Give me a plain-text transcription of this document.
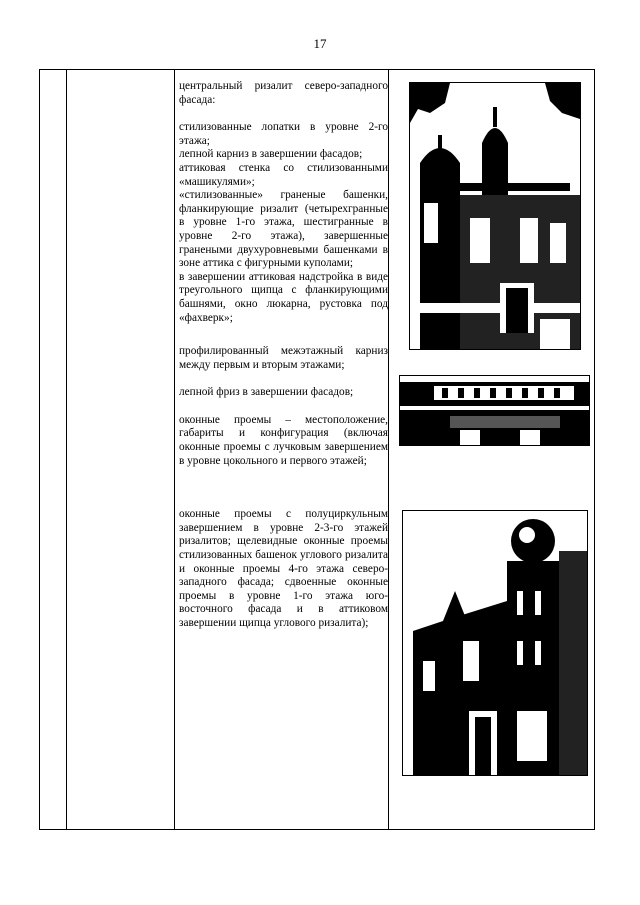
17

центральный ризалит северо-западного фасада:

стилизованные лопатки в уровне 2-го этажа;

лепной карниз в завершении фасадов;

аттиковая стенка со стилизованными «машикулями»;

«стилизованные» граненые башенки, фланкирующие ризалит (четырехгранные в уровне 1-го этажа, шестигранные в уровне 2-го этажа), завершенные гранеными двухуровневыми башенками в зоне аттика с фигурными куполами;

в завершении аттиковая надстройка в виде треугольного щипца с фланкирующими башнями, окно люкарна, рустовка под «фахверк»;

профилированный межэтажный карниз между первым и вторым этажами;

лепной фриз в завершении фасадов;

оконные проемы – местоположение, габариты и конфигурация (включая оконные проемы с лучковым завершением в уровне цокольного и первого этажей;

оконные проемы с полуциркульным завершением в уровне 2-3-го этажей ризалитов; щелевидные оконные проемы стилизованных башенок углового ризалита и оконные проемы 4-го этажа северо-западного фасада; сдвоенные оконные проемы в уровне 1-го этажа юго-восточного фасада и в аттиковом завершении щипца углового ризалита);
